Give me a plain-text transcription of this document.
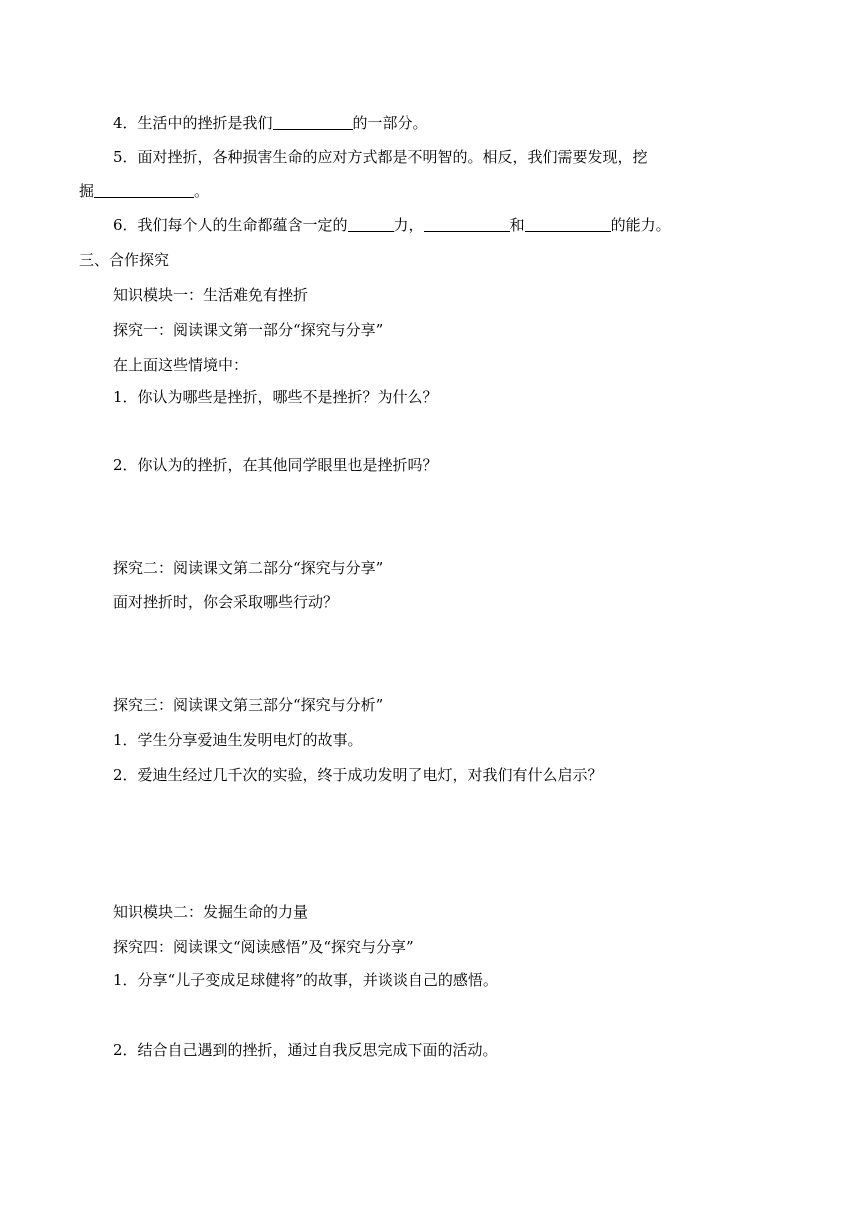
4．生活中的挫折是我们	的一部分。
5．面对挫折，各种损害生命的应对方式都是不明智的。相反，我们需要发现，挖
掘	。
6．我们每个人的生命都蕴含一定的	力，	和	的能力。
三、合作探究
知识模块一：生活难免有挫折
探究一：阅读课文第一部分“探究与分享”
在上面这些情境中：
1．你认为哪些是挫折，哪些不是挫折？为什么？
2．你认为的挫折，在其他同学眼里也是挫折吗？
探究二：阅读课文第二部分“探究与分享”
面对挫折时，你会采取哪些行动？
探究三：阅读课文第三部分“探究与分析”
1．学生分享爱迪生发明电灯的故事。
2．爱迪生经过几千次的实验，终于成功发明了电灯，对我们有什么启示？
知识模块二：发掘生命的力量
探究四：阅读课文“阅读感悟”及“探究与分享”
1．分享“儿子变成足球健将”的故事，并谈谈自己的感悟。
2．结合自己遇到的挫折，通过自我反思完成下面的活动。
